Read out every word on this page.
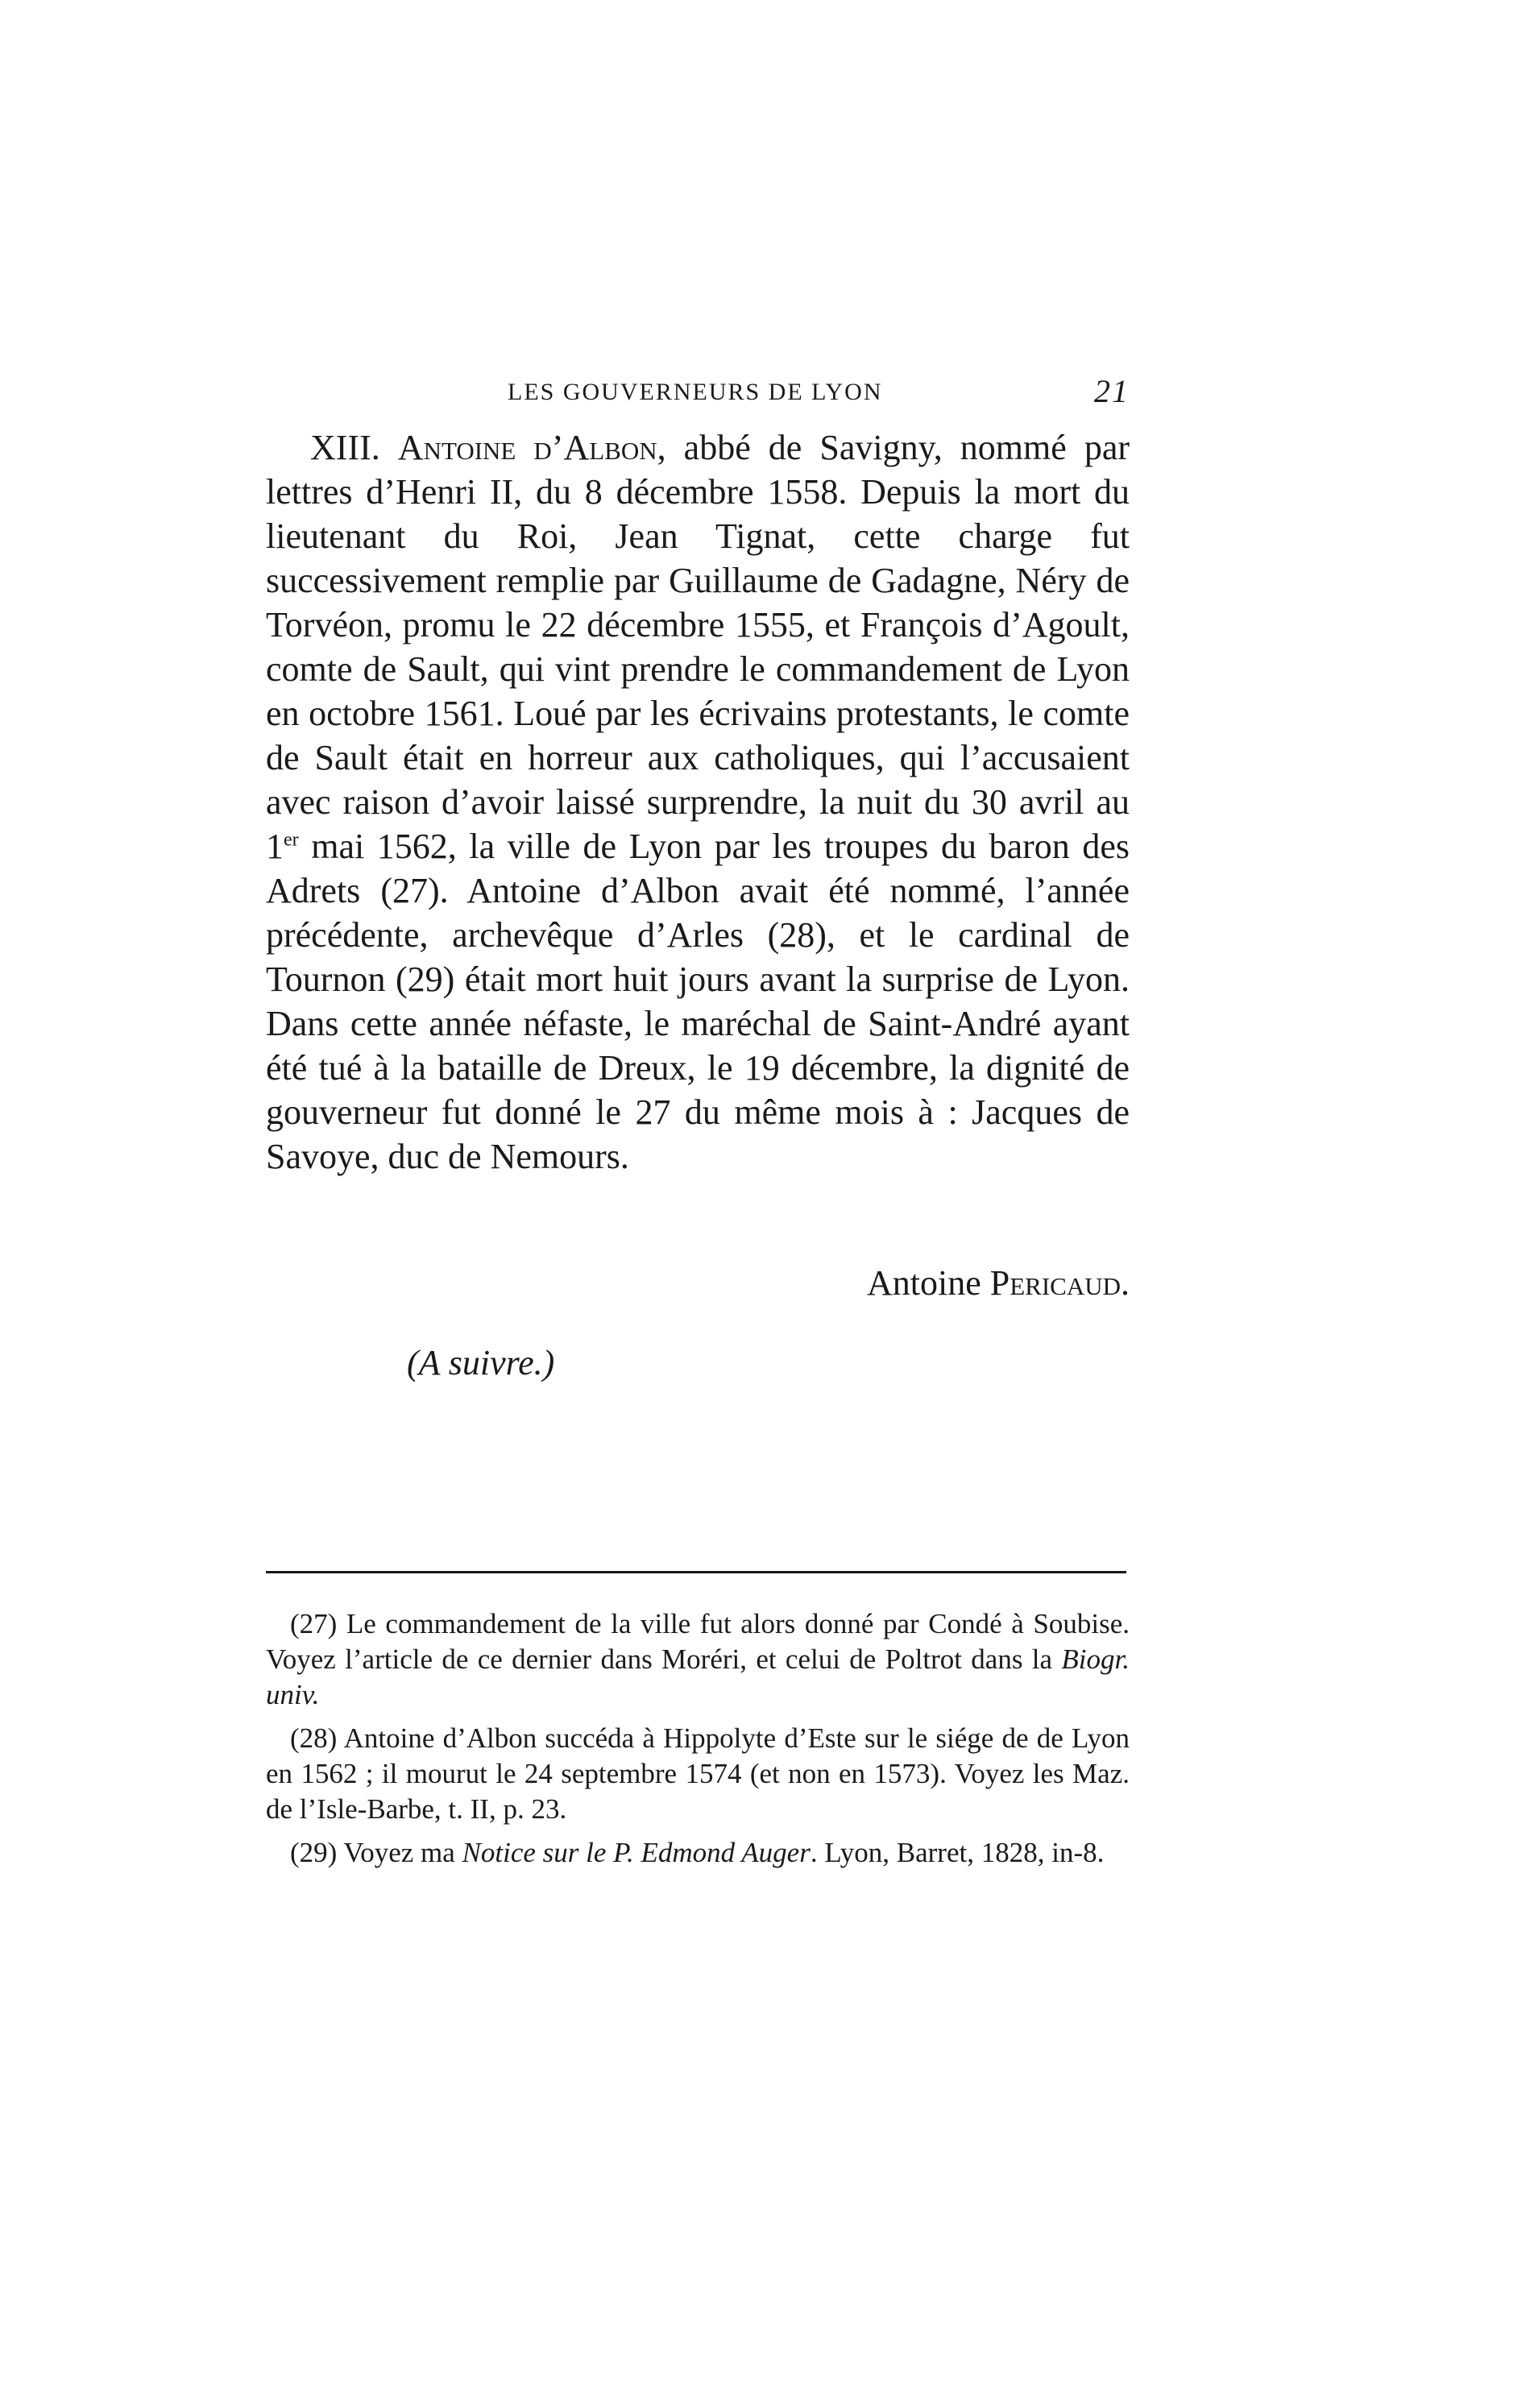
LES GOUVERNEURS DE LYON	21

XIII. Antoine d’Albon, abbé de Savigny, nommé par lettres d’Henri II, du 8 décembre 1558. Depuis la mort du lieutenant du Roi, Jean Tignat, cette charge fut successivement remplie par Guillaume de Gadagne, Néry de Torvéon, promu le 22 décembre 1555, et François d’Agoult, comte de Sault, qui vint prendre le commandement de Lyon en octobre 1561. Loué par les écrivains protestants, le comte de Sault était en horreur aux catholiques, qui l’accusaient avec raison d’avoir laissé surprendre, la nuit du 30 avril au 1er mai 1562, la ville de Lyon par les troupes du baron des Adrets (27). Antoine d’Albon avait été nommé, l’année précédente, archevêque d’Arles (28), et le cardinal de Tournon (29) était mort huit jours avant la surprise de Lyon. Dans cette année néfaste, le maréchal de Saint-André ayant été tué à la bataille de Dreux, le 19 décembre, la dignité de gouverneur fut donné le 27 du même mois à : Jacques de Savoye, duc de Nemours.

Antoine Pericaud.
(A suivre.)

(27) Le commandement de la ville fut alors donné par Condé à Soubise. Voyez l’article de ce dernier dans Moréri, et celui de Poltrot dans la Biogr. univ.

(28) Antoine d’Albon succéda à Hippolyte d’Este sur le siége de de Lyon en 1562 ; il mourut le 24 septembre 1574 (et non en 1573). Voyez les Maz. de l’Isle-Barbe, t. II, p. 23.

(29) Voyez ma Notice sur le P. Edmond Auger. Lyon, Barret, 1828, in-8.
